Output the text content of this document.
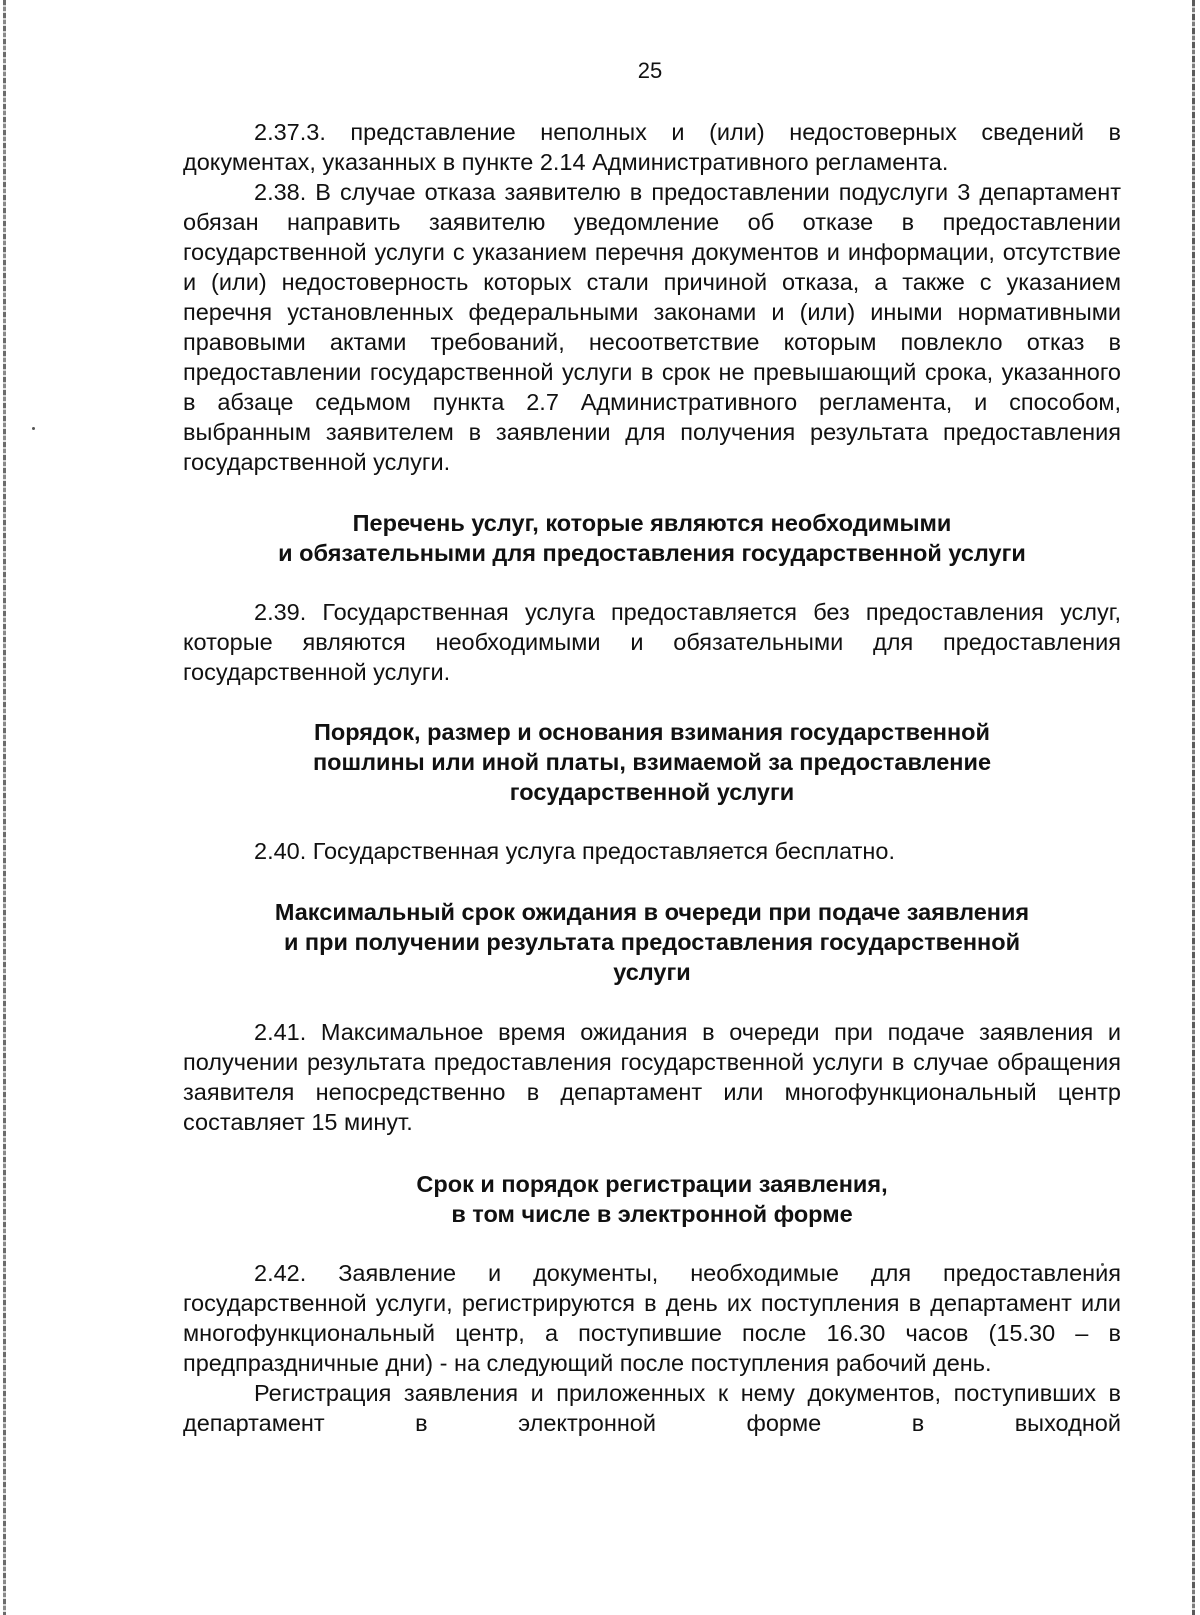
25

2.37.3. представление неполных и (или) недостоверных сведений в документах, указанных в пункте 2.14 Административного регламента.

2.38. В случае отказа заявителю в предоставлении подуслуги 3 департамент обязан направить заявителю уведомление об отказе в предоставлении государственной услуги с указанием перечня документов и информации, отсутствие и (или) недостоверность которых стали причиной отказа, а также с указанием перечня установленных федеральными законами и (или) иными нормативными правовыми актами требований, несоответствие которым повлекло отказ в предоставлении государственной услуги в срок не превышающий срока, указанного в абзаце седьмом пункта 2.7 Административного регламента, и способом, выбранным заявителем в заявлении для получения результата предоставления государственной услуги.

Перечень услуг, которые являются необходимыми
и обязательными для предоставления государственной услуги

2.39. Государственная услуга предоставляется без предоставления услуг, которые являются необходимыми и обязательными для предоставления государственной услуги.

Порядок, размер и основания взимания государственной
пошлины или иной платы, взимаемой за предоставление
государственной услуги

2.40. Государственная услуга предоставляется бесплатно.

Максимальный срок ожидания в очереди при подаче заявления
и при получении результата предоставления государственной
услуги

2.41. Максимальное время ожидания в очереди при подаче заявления и получении результата предоставления государственной услуги в случае обращения заявителя непосредственно в департамент или многофункциональный центр составляет 15 минут.

Срок и порядок регистрации заявления,
в том числе в электронной форме

2.42. Заявление и документы, необходимые для предоставления государственной услуги, регистрируются в день их поступления в департамент или многофункциональный центр, а поступившие после 16.30 часов (15.30 – в предпраздничные дни) - на следующий после поступления рабочий день.

Регистрация заявления и приложенных к нему документов, поступивших в департамент в электронной форме в выходной
